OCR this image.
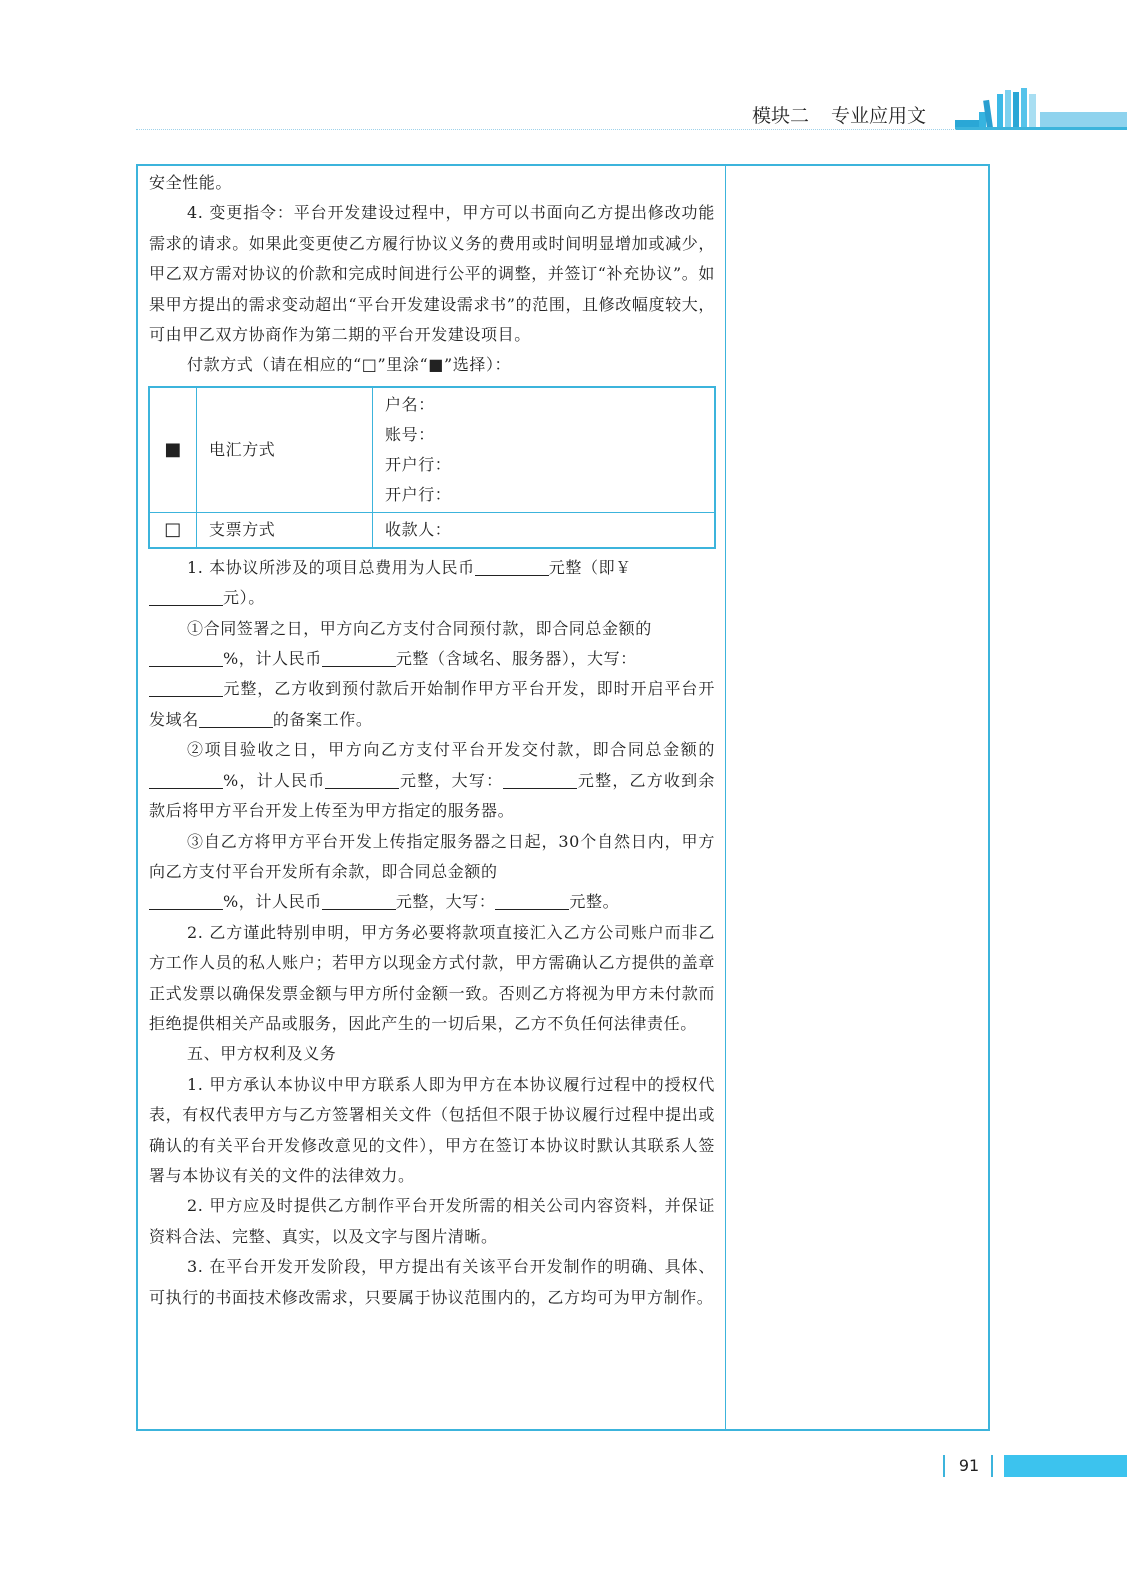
模块二 专业应用文

安全性能。

4. 变更指令：平台开发建设过程中，甲方可以书面向乙方提出修改功能需求的请求。如果此变更使乙方履行协议义务的费用或时间明显增加或减少，甲乙双方需对协议的价款和完成时间进行公平的调整，并签订“补充协议”。如果甲方提出的需求变动超出“平台开发建设需求书”的范围，且修改幅度较大，可由甲乙双方协商作为第二期的平台开发建设项目。

付款方式（请在相应的“□”里涂“■”选择）：

■	电汇方式	户名：
账号：
开户行：
开户行：

□	支票方式	收款人：

1. 本协议所涉及的项目总费用为人民币	元整（即￥
元）。

①合同签署之日，甲方向乙方支付合同预付款，即合同总金额的
%，计人民币	元整（含域名、服务器），大写：
元整，乙方收到预付款后开始制作甲方平台开发，即时开启平台开发域名	的备案工作。

②项目验收之日，甲方向乙方支付平台开发交付款，即合同总金额的%，计人民币	元整，大写：	元整，乙方收到余款后将甲方平台开发上传至为甲方指定的服务器。

③自乙方将甲方平台开发上传指定服务器之日起，30个自然日内，甲方向乙方支付平台开发所有余款，即合同总金额的
%，计人民币	元整，大写：	元整。

2. 乙方谨此特别申明，甲方务必要将款项直接汇入乙方公司账户而非乙方工作人员的私人账户；若甲方以现金方式付款，甲方需确认乙方提供的盖章正式发票以确保发票金额与甲方所付金额一致。否则乙方将视为甲方未付款而拒绝提供相关产品或服务，因此产生的一切后果，乙方不负任何法律责任。

五、甲方权利及义务

1. 甲方承认本协议中甲方联系人即为甲方在本协议履行过程中的授权代表，有权代表甲方与乙方签署相关文件（包括但不限于协议履行过程中提出或确认的有关平台开发修改意见的文件），甲方在签订本协议时默认其联系人签署与本协议有关的文件的法律效力。

2. 甲方应及时提供乙方制作平台开发所需的相关公司内容资料，并保证资料合法、完整、真实，以及文字与图片清晰。

3. 在平台开发开发阶段，甲方提出有关该平台开发制作的明确、具体、可执行的书面技术修改需求，只要属于协议范围内的，乙方均可为甲方制作。

91
